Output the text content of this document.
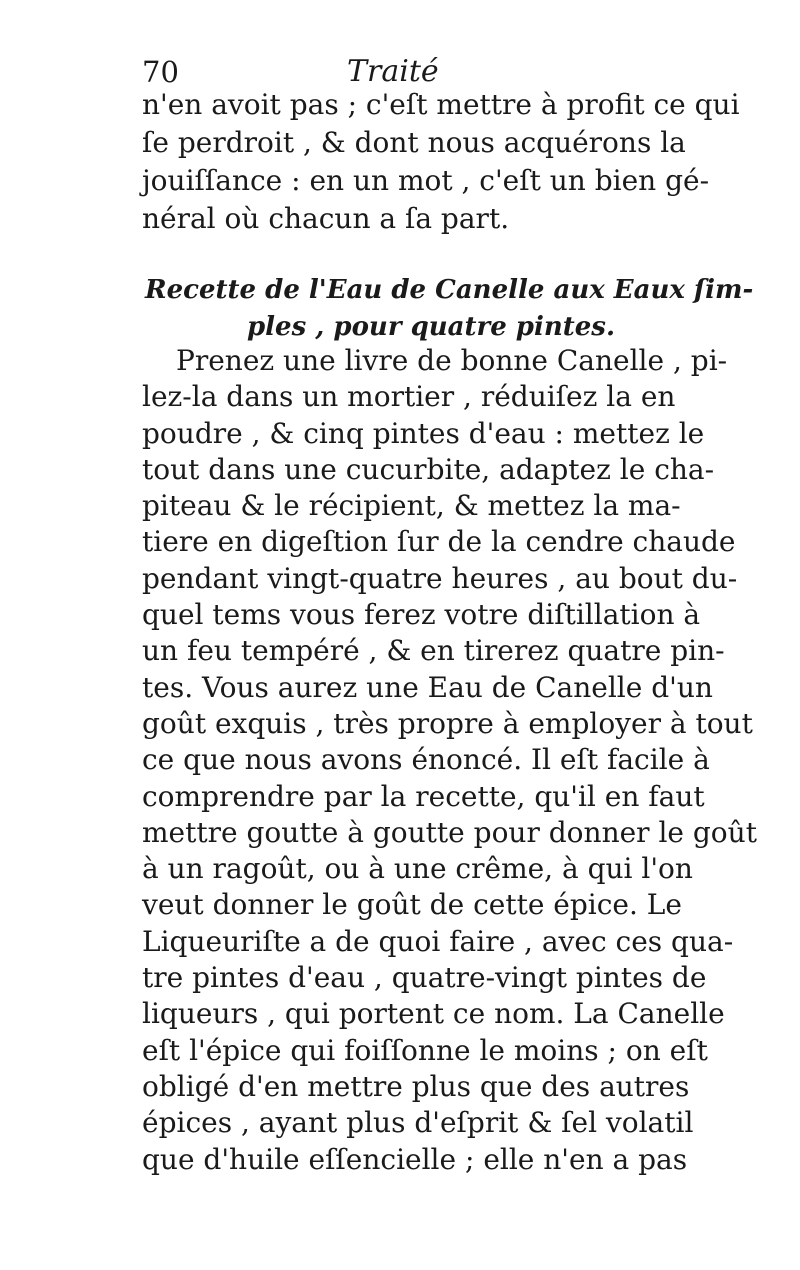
70	Traité

n'en avoit pas ; c'eſt mettre à profit ce qui
ſe perdroit , & dont nous acquérons la
jouiſſance : en un mot , c'eſt un bien gé-
néral où chacun a ſa part.

Recette de l'Eau de Canelle aux Eaux ſim-
ples , pour quatre pintes.

Prenez une livre de bonne Canelle , pi-
lez-la dans un mortier , réduiſez la en
poudre , & cinq pintes d'eau : mettez le
tout dans une cucurbite, adaptez le cha-
piteau & le récipient, & mettez la ma-
tiere en digeſtion ſur de la cendre chaude
pendant vingt-quatre heures , au bout du-
quel tems vous ferez votre diſtillation à
un feu tempéré , & en tirerez quatre pin-
tes. Vous aurez une Eau de Canelle d'un
goût exquis , très propre à employer à tout
ce que nous avons énoncé. Il eſt facile à
comprendre par la recette, qu'il en faut
mettre goutte à goutte pour donner le goût
à un ragoût, ou à une crême, à qui l'on
veut donner le goût de cette épice. Le
Liqueuriſte a de quoi faire , avec ces qua-
tre pintes d'eau , quatre-vingt pintes de
liqueurs , qui portent ce nom. La Canelle
eſt l'épice qui foiſſonne le moins ; on eſt
obligé d'en mettre plus que des autres
épices , ayant plus d'eſprit & ſel volatil
que d'huile eſſencielle ; elle n'en a pas
